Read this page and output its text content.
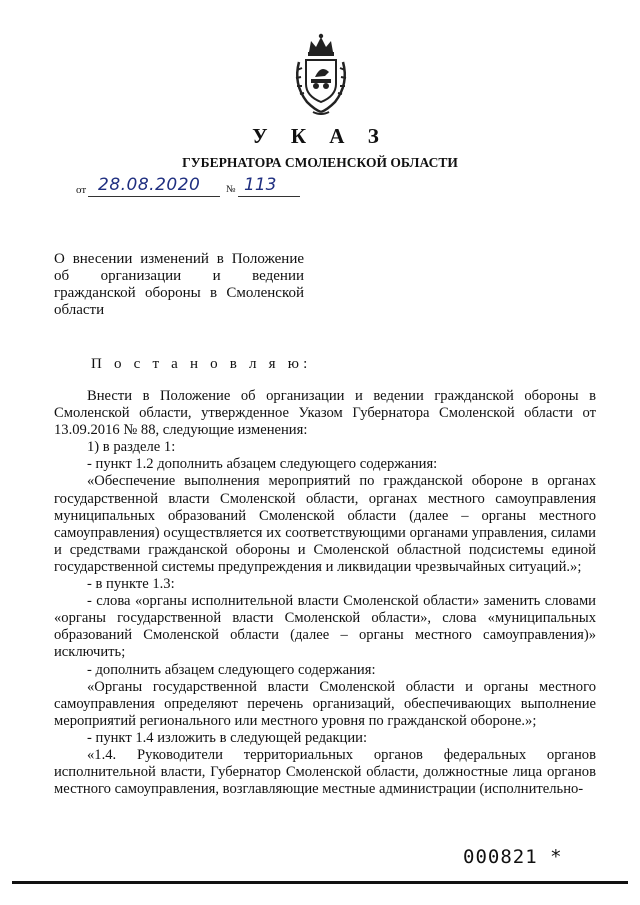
У К А З
ГУБЕРНАТОРА СМОЛЕНСКОЙ ОБЛАСТИ
от 28.08.2020	№ 113
О внесении изменений в Положение об организации и ведении гражданской обороны в Смоленской области
П о с т а н о в л я ю:

Внести в Положение об организации и ведении гражданской обороны в Смоленской области, утвержденное Указом Губернатора Смоленской области от 13.09.2016 № 88, следующие изменения:

1) в разделе 1:

- пункт 1.2 дополнить абзацем следующего содержания:

«Обеспечение выполнения мероприятий по гражданской обороне в органах государственной власти Смоленской области, органах местного самоуправления муниципальных образований Смоленской области (далее – органы местного самоуправления) осуществляется их соответствующими органами управления, силами и средствами гражданской обороны и Смоленской областной подсистемы единой государственной системы предупреждения и ликвидации чрезвычайных ситуаций.»;

- в пункте 1.3:

- слова «органы исполнительной власти Смоленской области» заменить словами «органы государственной власти Смоленской области», слова «муниципальных образований Смоленской области (далее – органы местного самоуправления)» исключить;

- дополнить абзацем следующего содержания:

«Органы государственной власти Смоленской области и органы местного самоуправления определяют перечень организаций, обеспечивающих выполнение мероприятий регионального или местного уровня по гражданской обороне.»;

- пункт 1.4 изложить в следующей редакции:

«1.4. Руководители территориальных органов федеральных органов исполнительной власти, Губернатор Смоленской области, должностные лица органов местного самоуправления, возглавляющие местные администрации (исполнительно-

000821 *
